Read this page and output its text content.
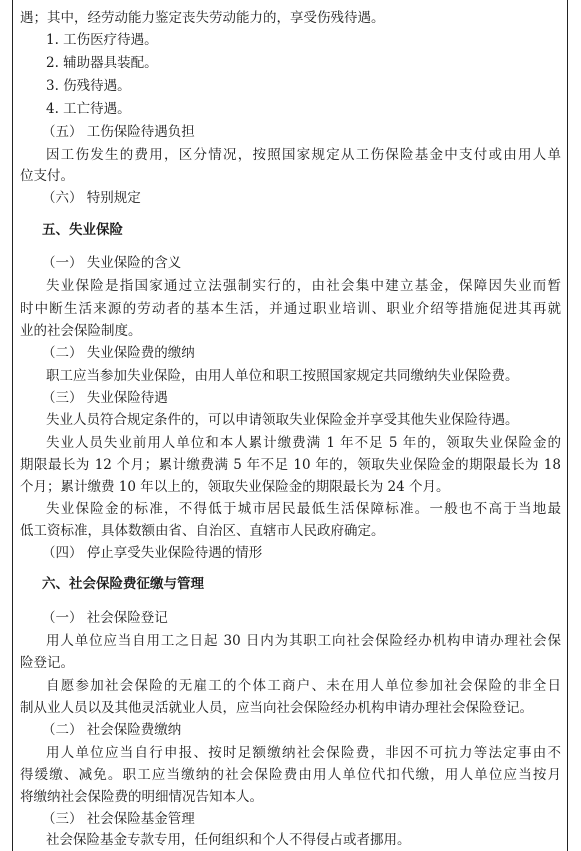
遇；其中，经劳动能力鉴定丧失劳动能力的，享受伤残待遇。
1. 工伤医疗待遇。
2. 辅助器具装配。
3. 伤残待遇。
4. 工亡待遇。
（五） 工伤保险待遇负担
因工伤发生的费用，区分情况，按照国家规定从工伤保险基金中支付或由用人单
位支付。
（六） 特别规定
五、失业保险
（一） 失业保险的含义
失业保险是指国家通过立法强制实行的，由社会集中建立基金，保障因失业而暂
时中断生活来源的劳动者的基本生活，并通过职业培训、职业介绍等措施促进其再就
业的社会保险制度。
（二） 失业保险费的缴纳
职工应当参加失业保险，由用人单位和职工按照国家规定共同缴纳失业保险费。
（三） 失业保险待遇
失业人员符合规定条件的，可以申请领取失业保险金并享受其他失业保险待遇。
失业人员失业前用人单位和本人累计缴费满 1 年不足 5 年的，领取失业保险金的
期限最长为 12 个月；累计缴费满 5 年不足 10 年的，领取失业保险金的期限最长为 18
个月；累计缴费 10 年以上的，领取失业保险金的期限最长为 24 个月。
失业保险金的标准，不得低于城市居民最低生活保障标准。一般也不高于当地最
低工资标准，具体数额由省、自治区、直辖市人民政府确定。
（四） 停止享受失业保险待遇的情形
六、社会保险费征缴与管理
（一） 社会保险登记
用人单位应当自用工之日起 30 日内为其职工向社会保险经办机构申请办理社会保
险登记。
自愿参加社会保险的无雇工的个体工商户、未在用人单位参加社会保险的非全日
制从业人员以及其他灵活就业人员，应当向社会保险经办机构申请办理社会保险登记。
（二） 社会保险费缴纳
用人单位应当自行申报、按时足额缴纳社会保险费，非因不可抗力等法定事由不
得缓缴、减免。职工应当缴纳的社会保险费由用人单位代扣代缴，用人单位应当按月
将缴纳社会保险费的明细情况告知本人。
（三） 社会保险基金管理
社会保险基金专款专用，任何组织和个人不得侵占或者挪用。
